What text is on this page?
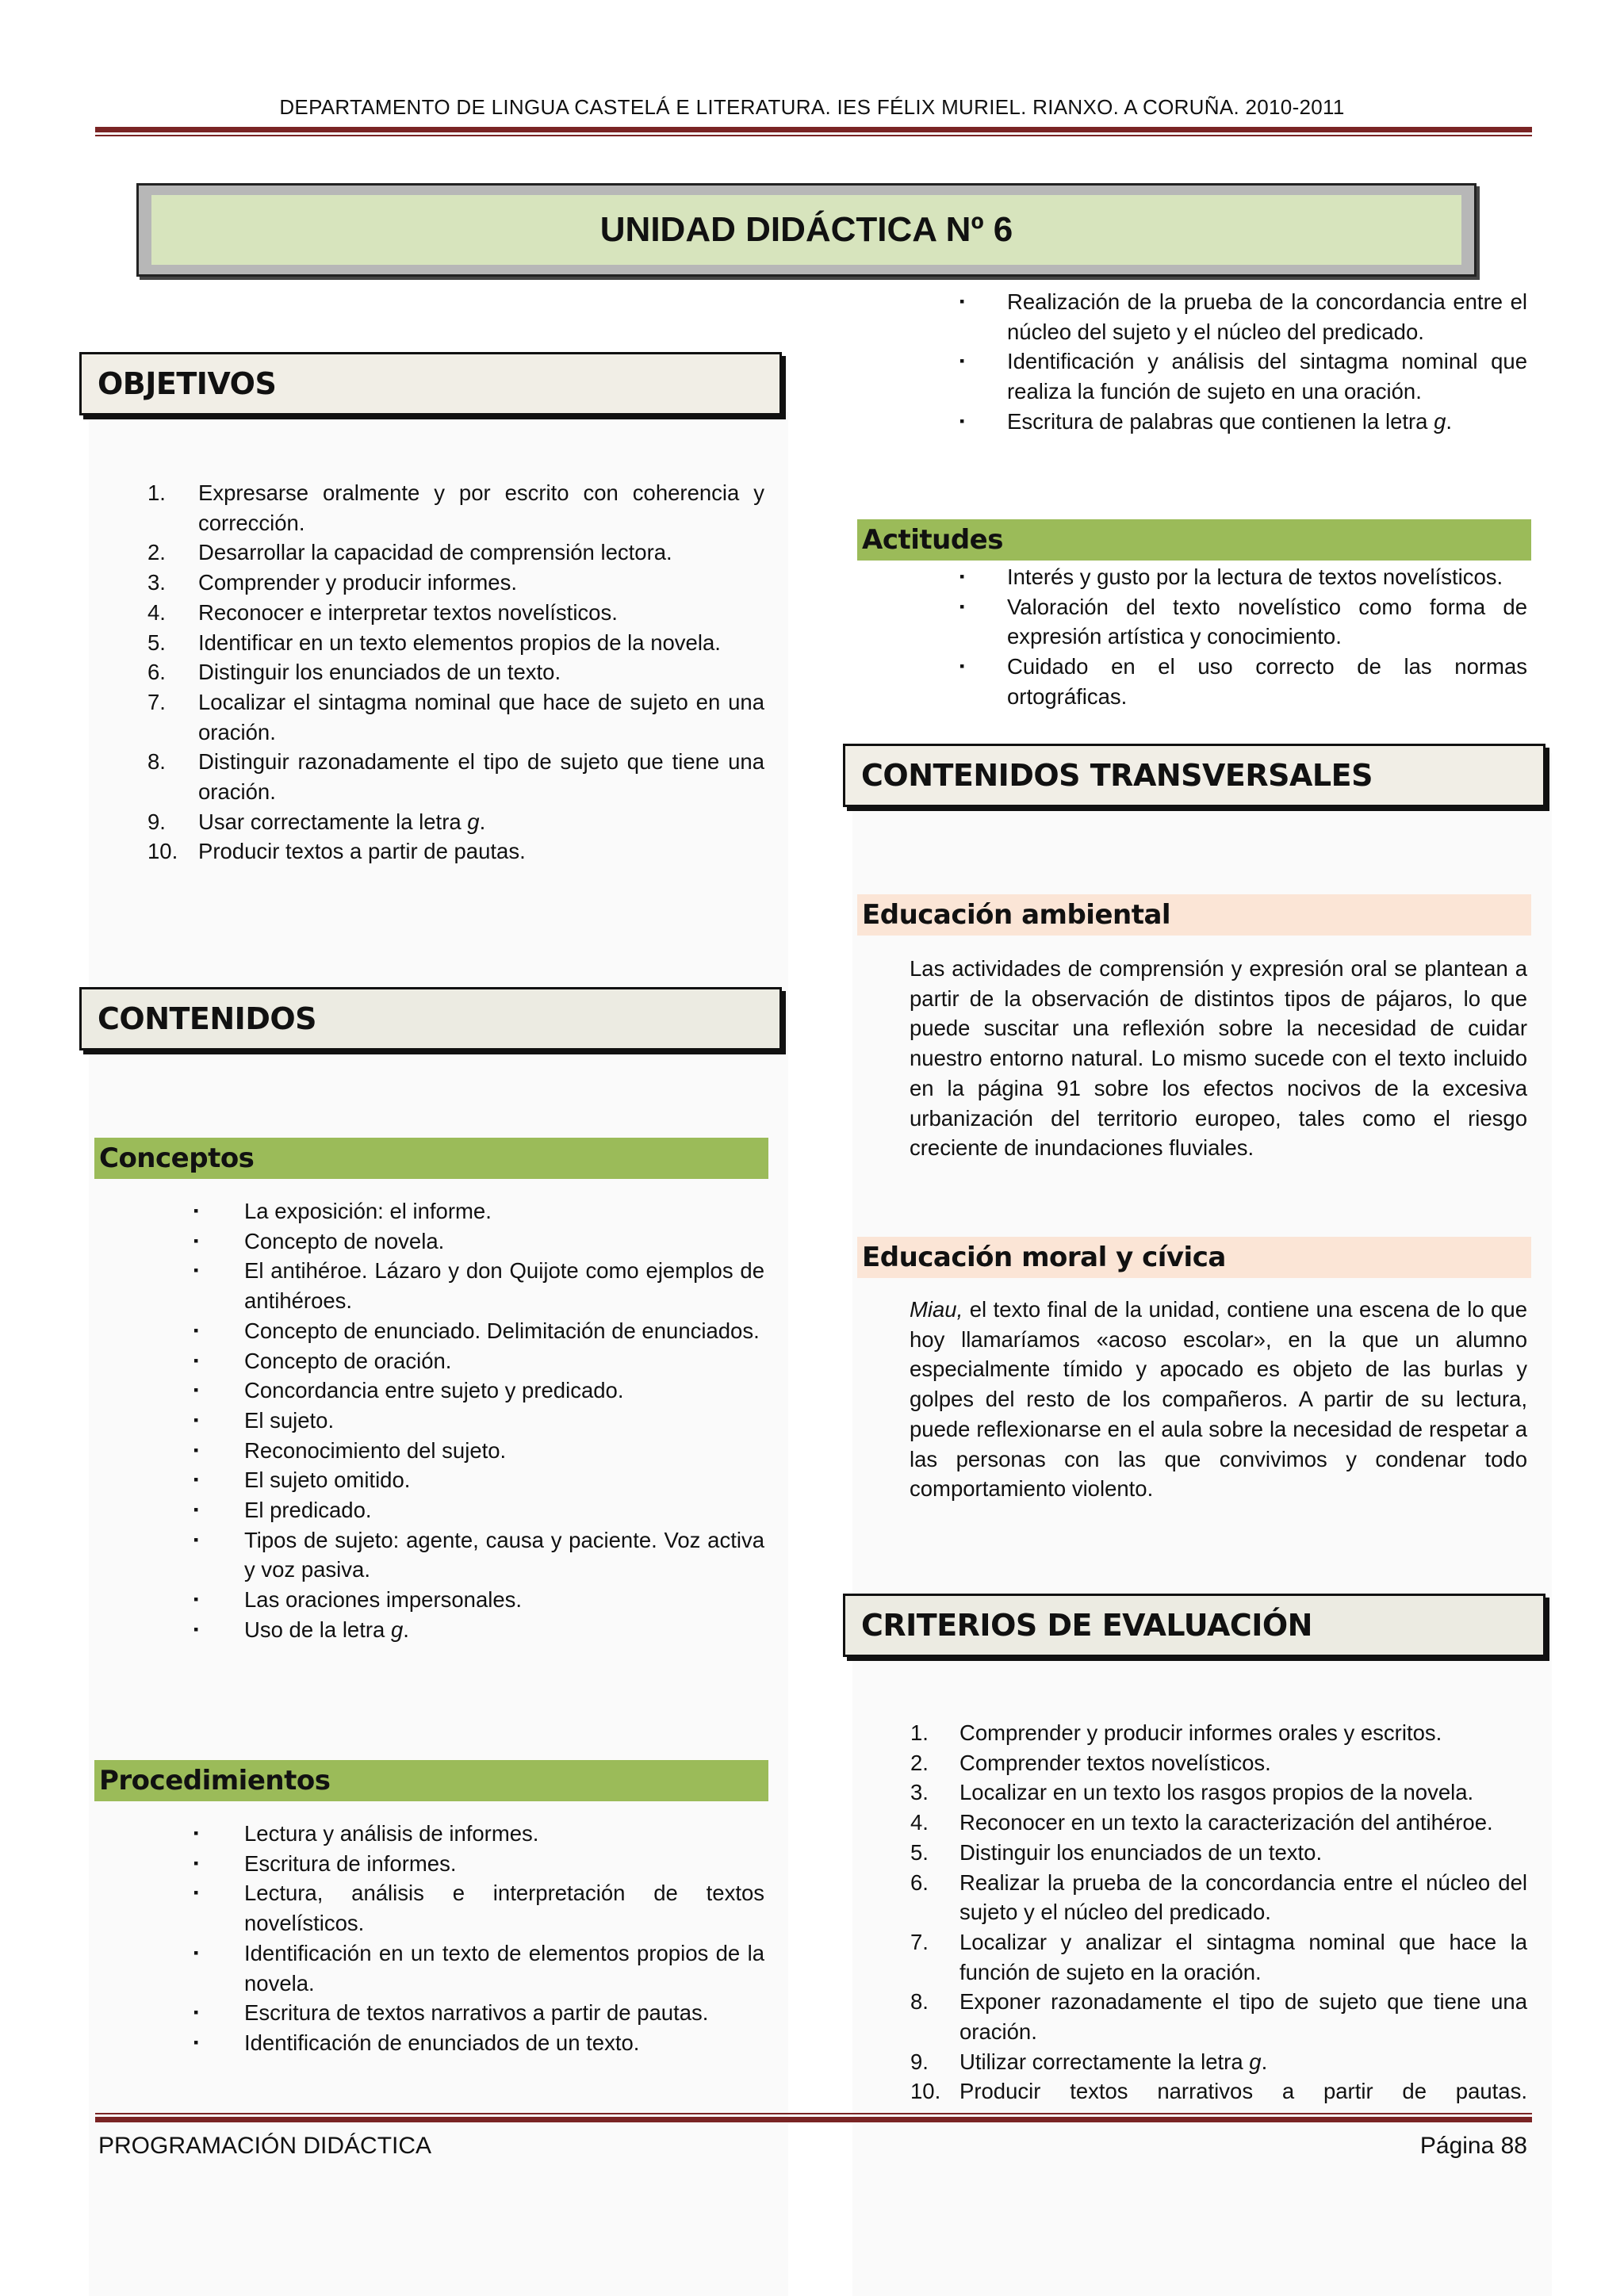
DEPARTAMENTO DE LINGUA CASTELÁ E LITERATURA. IES FÉLIX MURIEL. RIANXO. A CORUÑA. 2010-2011
UNIDAD DIDÁCTICA Nº 6
OBJETIVOS
1.	Expresarse oralmente y por escrito con coherencia y corrección.
2.	Desarrollar la capacidad de comprensión lectora.
3.	Comprender y producir informes.
4.	Reconocer e interpretar textos novelísticos.
5.	Identificar en un texto elementos propios de la novela.
6.	Distinguir los enunciados de un texto.
7.	Localizar el sintagma nominal que hace de sujeto en una oración.
8.	Distinguir razonadamente el tipo de sujeto que tiene una oración.
9.	Usar correctamente la letra g.
10. Producir textos a partir de pautas.
CONTENIDOS
Conceptos
▪ La exposición: el informe.
▪ Concepto de novela.
▪ El antihéroe. Lázaro y don Quijote como ejemplos de antihéroes.
▪ Concepto de enunciado. Delimitación de enunciados.
▪ Concepto de oración.
▪ Concordancia entre sujeto y predicado.
▪ El sujeto.
▪ Reconocimiento del sujeto.
▪ El sujeto omitido.
▪ El predicado.
▪ Tipos de sujeto: agente, causa y paciente. Voz activa y voz pasiva.
▪ Las oraciones impersonales.
▪ Uso de la letra g.
Procedimientos
▪ Lectura y análisis de informes.
▪ Escritura de informes.
▪ Lectura, análisis e interpretación de textos novelísticos.
▪ Identificación en un texto de elementos propios de la novela.
▪ Escritura de textos narrativos a partir de pautas.
▪ Identificación de enunciados de un texto.
▪ Realización de la prueba de la concordancia entre el núcleo del sujeto y el núcleo del predicado.
▪ Identificación y análisis del sintagma nominal que realiza la función de sujeto en una oración.
▪ Escritura de palabras que contienen la letra g.
Actitudes
▪ Interés y gusto por la lectura de textos novelísticos.
▪ Valoración del texto novelístico como forma de expresión artística y conocimiento.
▪ Cuidado en el uso correcto de las normas ortográficas.
CONTENIDOS TRANSVERSALES
Educación ambiental
Las actividades de comprensión y expresión oral se plantean a partir de la observación de distintos tipos de pájaros, lo que puede suscitar una reflexión sobre la necesidad de cuidar nuestro entorno natural. Lo mismo sucede con el texto incluido en la página 91 sobre los efectos nocivos de la excesiva urbanización del territorio europeo, tales como el riesgo creciente de inundaciones fluviales.
Educación moral y cívica
Miau, el texto final de la unidad, contiene una escena de lo que hoy llamaríamos «acoso escolar», en la que un alumno especialmente tímido y apocado es objeto de las burlas y golpes del resto de los compañeros. A partir de su lectura, puede reflexionarse en el aula sobre la necesidad de respetar a las personas con las que convivimos y condenar todo comportamiento violento.
CRITERIOS DE EVALUACIÓN
1.	Comprender y producir informes orales y escritos.
2.	Comprender textos novelísticos.
3.	Localizar en un texto los rasgos propios de la novela.
4.	Reconocer en un texto la caracterización del antihéroe.
5.	Distinguir los enunciados de un texto.
6.	Realizar la prueba de la concordancia entre el núcleo del sujeto y el núcleo del predicado.
7.	Localizar y analizar el sintagma nominal que hace la función de sujeto en la oración.
8.	Exponer razonadamente el tipo de sujeto que tiene una oración.
9.	Utilizar correctamente la letra g.
10. Producir textos narrativos a partir de pautas.
PROGRAMACIÓN DIDÁCTICA	Página 88
